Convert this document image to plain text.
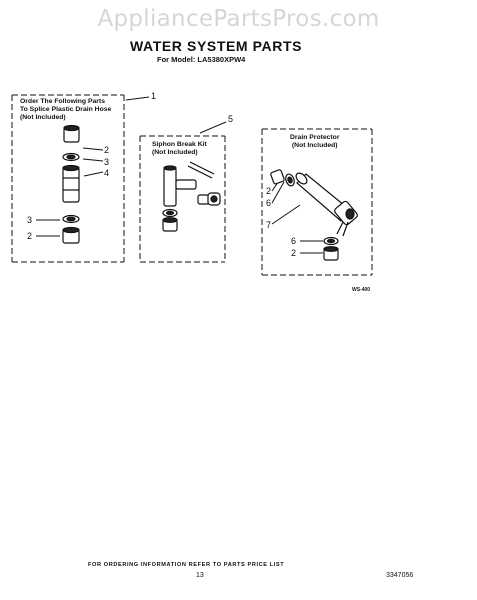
AppliancePartsPros.com
WATER SYSTEM PARTS
For Model: LA5380XPW4
Order The Following Parts
To Splice Plastic Drain Hose
(Not Included)
Siphon Break Kit
(Not Included)
Drain Protector
(Not Included)
1
5
2
3
4
3
2
2
6
7
6
2
WS-400
FOR ORDERING INFORMATION REFER TO PARTS PRICE LIST
13	3347056
